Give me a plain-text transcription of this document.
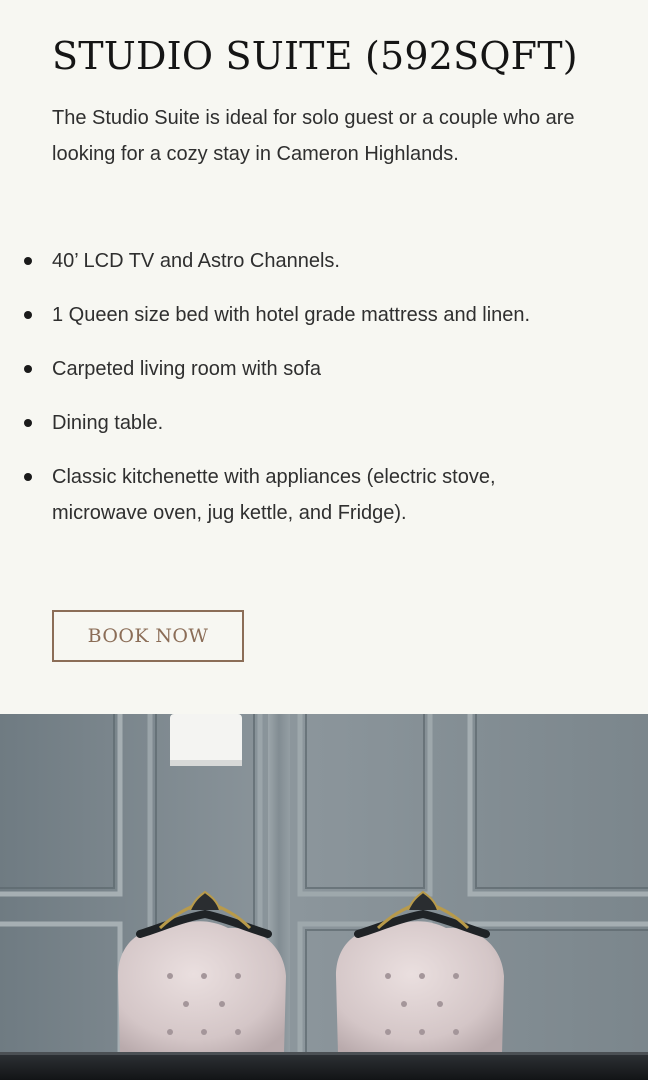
STUDIO SUITE (592SQFT)

The Studio Suite is ideal for solo guest or a couple who are looking for a cozy stay in Cameron Highlands.

40’ LCD TV and Astro Channels.
1 Queen size bed with hotel grade mattress and linen.
Carpeted living room with sofa
Dining table.
Classic kitchenette with appliances (electric stove, microwave oven, jug kettle, and Fridge).
BOOK NOW
